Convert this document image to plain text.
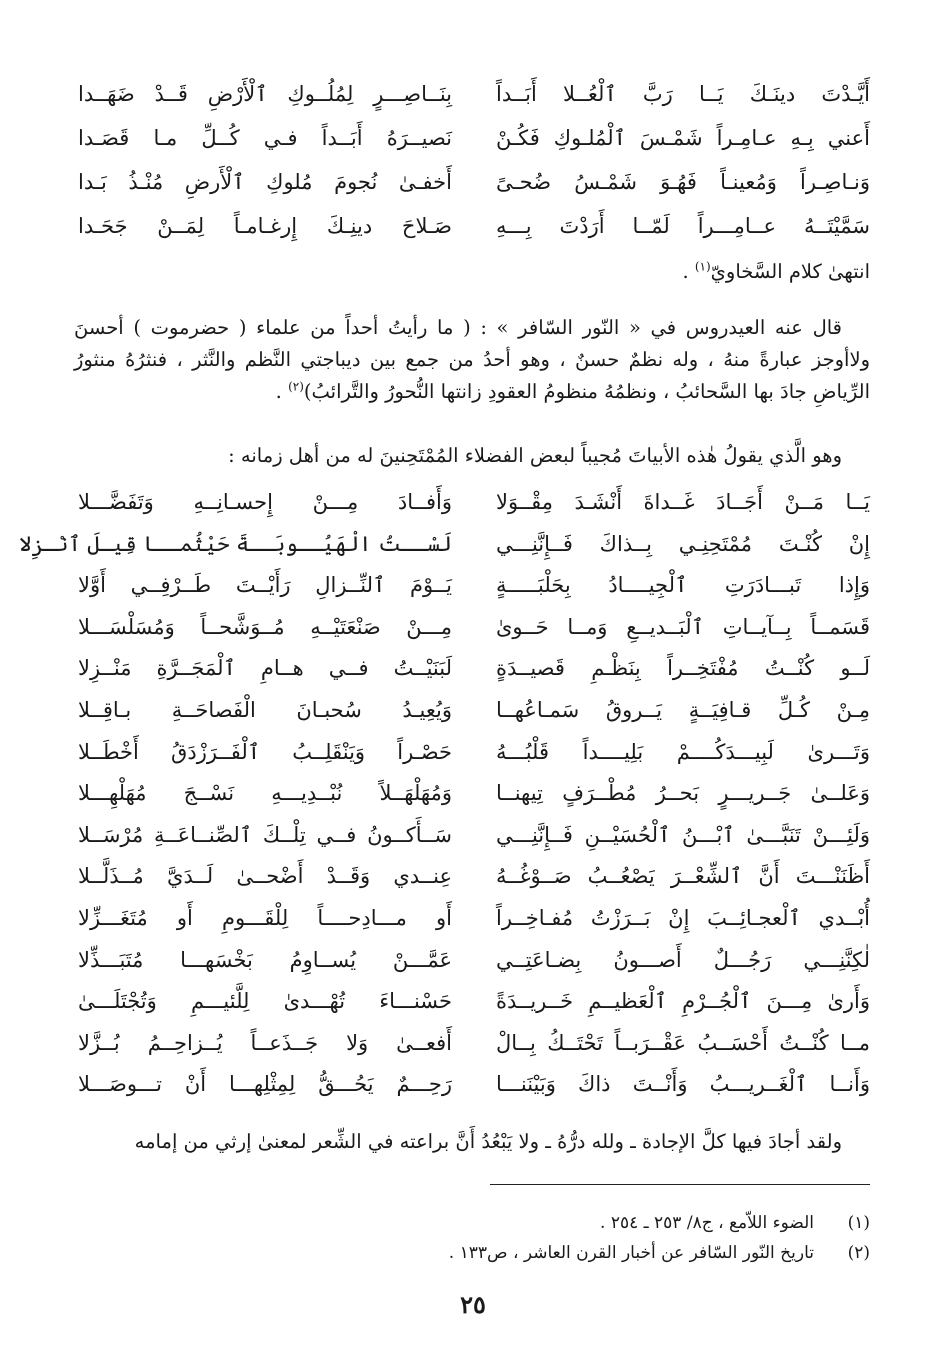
أَيَّـدْتَ دينَـكَ يَــا رَبَّ ٱلْعُــلا أَبَــداً
بِنَــاصِـــرٍ لِمُلُــوكِ ٱلْأَرْضِ قَــدْ ضَهَــدا
أَعني بِـهِ عـامِـراً شَمْـسَ ٱلْمُلـوكِ فَكُـنْ
نَصيــرَهُ أَبَــداً فـي كُــلِّ مـا قَصَـدا
وَنـاصِـراً وَمُعينـاً فَهُـوَ شَمْـسُ ضُحـىً
أَخفـىٰ نُجومَ مُلوكِ ٱلْأَرضِ مُنْـذُ بَـدا
سَمَّيْتَــهُ عــامِـــراً لَمّــا أَرَدْتَ بِـــهِ
صَـلاحَ دينِـكَ إِرغـامـاً لِمَــنْ جَحَـدا

انتهىٰ كلام السَّخاويّ$^{(١)}$ .

قال عنه العيدروس في « النّور السّافر » : ( ما رأيتُ أحداً من علماء ( حضرموت ) أحسنَ ولاأوجز عبارةً منهُ ، وله نظمٌ حسنٌ ، وهو أحدُ من جمع بين ديباجتي النَّظم والنَّثر ، فنثرُهُ منثورُ الرِّياضِ جادَ بها السَّحائبُ ، ونظمُهُ منظومُ العقودِ زانتها النُّحورُ والتَّرائبُ)$^{(٢)}$ .

وهو الَّذي يقولُ هٰذه الأبياتَ مُجيباً لبعض الفضلاء المُمْتَحِنينَ له من أهل زمانه :

يَــا مَــنْ أَجَــادَ غَــداةَ أَنْشَـدَ مِقْــوَلا
وَأَفــادَ مِـــنْ إِحسـانِــهِ وَتَفَضَّـــلا
إِنْ كُنْـتَ مُمْتَحِنِـي بِــذاكَ فَــإِنَّنِـــي
لَسْــتُ الْهَيُــوبَــةَ حَيْثُمــا قِيـلَ ٱنْـزِلا
وَإِذا تَبـــادَرَتِ ٱلْجِيــــادُ بِحَلْبَـــــةٍ
يَــوْمَ ٱلنِّــزالِ رَأَيْــتَ طَــرْفِــي أَوَّلا
قَسَمــاً بِــآيــاتِ ٱلْبَــديــعِ وَمــا حَــوىٰ
مِـــنْ صَنْعَتَيْــهِ مُــوَشَّحــاً وَمُسَلْسَـــلا
لَــو كُنْــتُ مُفْتَخِــراً بِنَظْـمِ قَصيــدَةٍ
لَبَنَيْــتُ فــي هــامِ ٱلْمَجَــرَّةِ مَنْــزِلا
مِـنْ كُـلِّ قـافِيَــةٍ يَــروقُ سَمـاعُهــا
وَيُعِيـدُ سُحبـانَ الْفَصاحَــةِ بـاقِــلا
وَتَـــرىٰ لَبِيـــدَكُــــمْ بَلِيــــداً قَلْبُـــهُ
حَصْـراً وَيَنْقَلِــبُ ٱلْفَــرَزْدَقُ أَخْطَــلا
وَعَلــىٰ جَــريـــرٍ بَحــرُ مُطْــرَفٍ تِيهنــا
وَمُهَلْهَــلاً نُبْــدِيـــهِ نَسْــجَ مُهَلْهِـــلا
وَلَئِـــنْ تَنَبَّـــىٰ ٱبْـــنُ ٱلْحُسَيْــنِ فَــإِنَّنِـــي
سَــأَكــونُ فــي تِلْــكَ ٱلصِّنــاعَــةِ مُرْسَــلا
أَظَنَنْـــتَ أَنَّ ٱلشِّعْــرَ يَصْعُــبُ صَــوْغُــهُ
عِنــدي وَقَــدْ أَضْحــىٰ لَــدَيَّ مُــذَلَّــلا
أُبْــدي ٱلْعجـائِــبَ إِنْ بَــرَزْتُ مُفـاخِــراً
أَو مـــادِحــــاً لِلْقَـــومِ أَو مُتَغَـــزِّلا
لٰكِنَّنِـــي رَجُـــلٌ أَصـــونُ بِضـاعَتِــي
عَمَّـــنْ يُســاوِمُ بَخْسَهـــا مُتَبَـــذِّلا
وَأَرىٰ مِـــنَ ٱلْجُــرْمِ ٱلْعَظيــمِ خَــريــدَةً
حَسْنـــاءَ تُهْـــدىٰ لِلَّئيـــمِ وَتُجْتَلَـــىٰ
مــا كُنْــتُ أَحْسَــبُ عَقْــرَبــاً تَحْتَــكُ بِــالْ
أَفعــىٰ وَلا جَــذَعــاً يُــزاحِــمُ بُــزَّلا
وَأَنــا ٱلْغَــريـــبُ وَأَنْــتَ ذاكَ وَبَيْنَنـــا
رَحِـــمٌ يَحُـــقُّ لِمِثْلِهـــا أَنْ تـــوصَـــلا

ولقد أجادَ فيها كلَّ الإجادة ـ ولله درُّهُ ـ ولا يَبْعُدُ أَنَّ براعته في الشِّعر لمعنىٰ إرثي من إمامه

(١)
الضوء اللاّمع ، ج٨/ ٢٥٣ ـ ٢٥٤ .
(٢)
تاريخ النّور السّافر عن أخبار القرن العاشر ، ص١٣٣ .
٢٥
